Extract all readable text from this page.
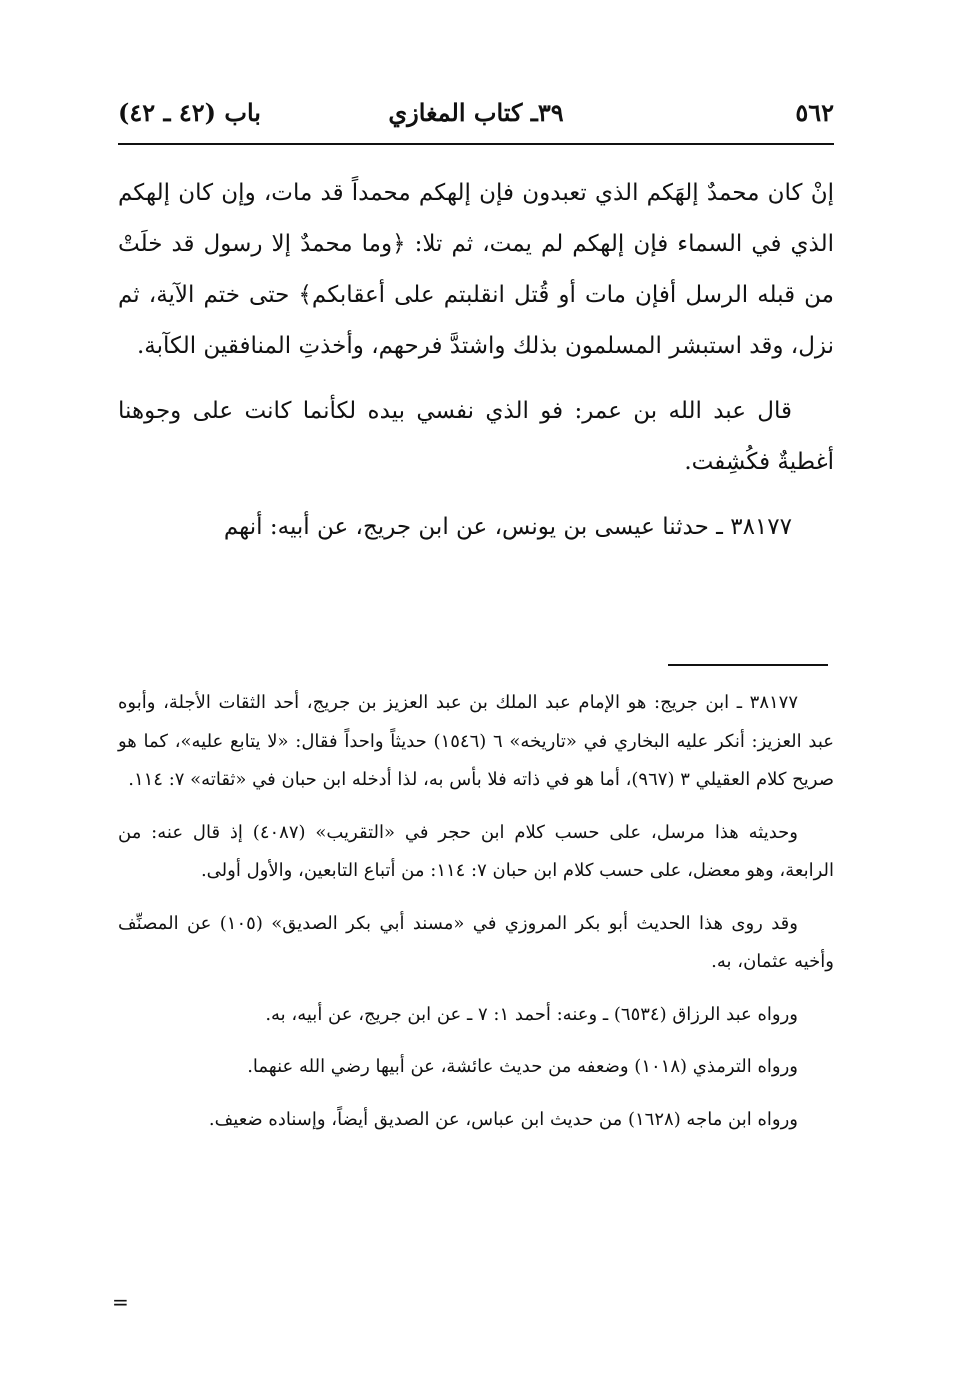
٥٦٢
٣٩ـ كتاب المغازي
باب (٤٢ ـ ٤٢)

إنْ كان محمدٌ إلهَكم الذي تعبدون فإن إلهكم محمداً قد مات، وإن كان إلهكم الذي في السماء فإن إلهكم لم يمت، ثم تلا: ﴿وما محمدٌ إلا رسول قد خلَتْ من قبله الرسل أفإن مات أو قُتل انقلبتم على أعقابكم﴾ حتى ختم الآية، ثم نزل، وقد استبشر المسلمون بذلك واشتدَّ فرحهم، وأخذتِ المنافقين الكآبة.

قال عبد الله بن عمر: فو الذي نفسي بيده لكأنما كانت على وجوهنا أغطيةٌ فكُشِفت.

٣٨١٧٧ ـ حدثنا عيسى بن يونس، عن ابن جريج، عن أبيه: أنهم

٣٨١٧٧ ـ ابن جريج: هو الإمام عبد الملك بن عبد العزيز بن جريج، أحد الثقات الأجلة، وأبوه عبد العزيز: أنكر عليه البخاري في «تاريخه» ٦ (١٥٤٦) حديثاً واحداً فقال: «لا يتابع عليه»، كما هو صريح كلام العقيلي ٣ (٩٦٧)، أما هو في ذاته فلا بأس به، لذا أدخله ابن حبان في «ثقاته» ٧: ١١٤.

وحديثه هذا مرسل، على حسب كلام ابن حجر في «التقريب» (٤٠٨٧) إذ قال عنه: من الرابعة، وهو معضل، على حسب كلام ابن حبان ٧: ١١٤: من أتباع التابعين، والأول أولى.

وقد روى هذا الحديث أبو بكر المروزي في «مسند أبي بكر الصديق» (١٠٥) عن المصنِّف وأخيه عثمان، به.

ورواه عبد الرزاق (٦٥٣٤) ـ وعنه: أحمد ١: ٧ ـ عن ابن جريج، عن أبيه، به.

ورواه الترمذي (١٠١٨) وضعفه من حديث عائشة، عن أبيها رضي الله عنهما.

ورواه ابن ماجه (١٦٢٨) من حديث ابن عباس، عن الصديق أيضاً، وإسناده ضعيف.

=
